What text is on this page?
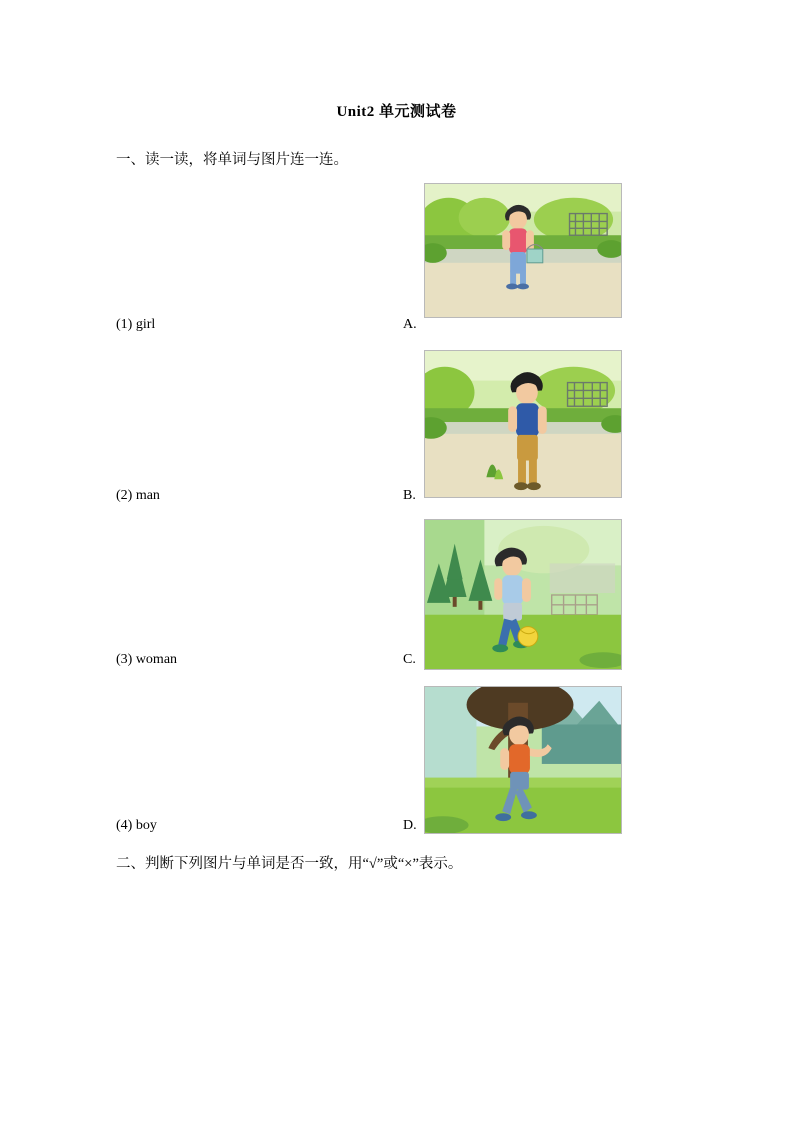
Unit2 单元测试卷
一、读一读，将单词与图片连一连。
(1) girl	A.
(2) man	B.
(3) woman	C.
(4) boy	D.
二、判断下列图片与单词是否一致，用“√”或“×”表示。
